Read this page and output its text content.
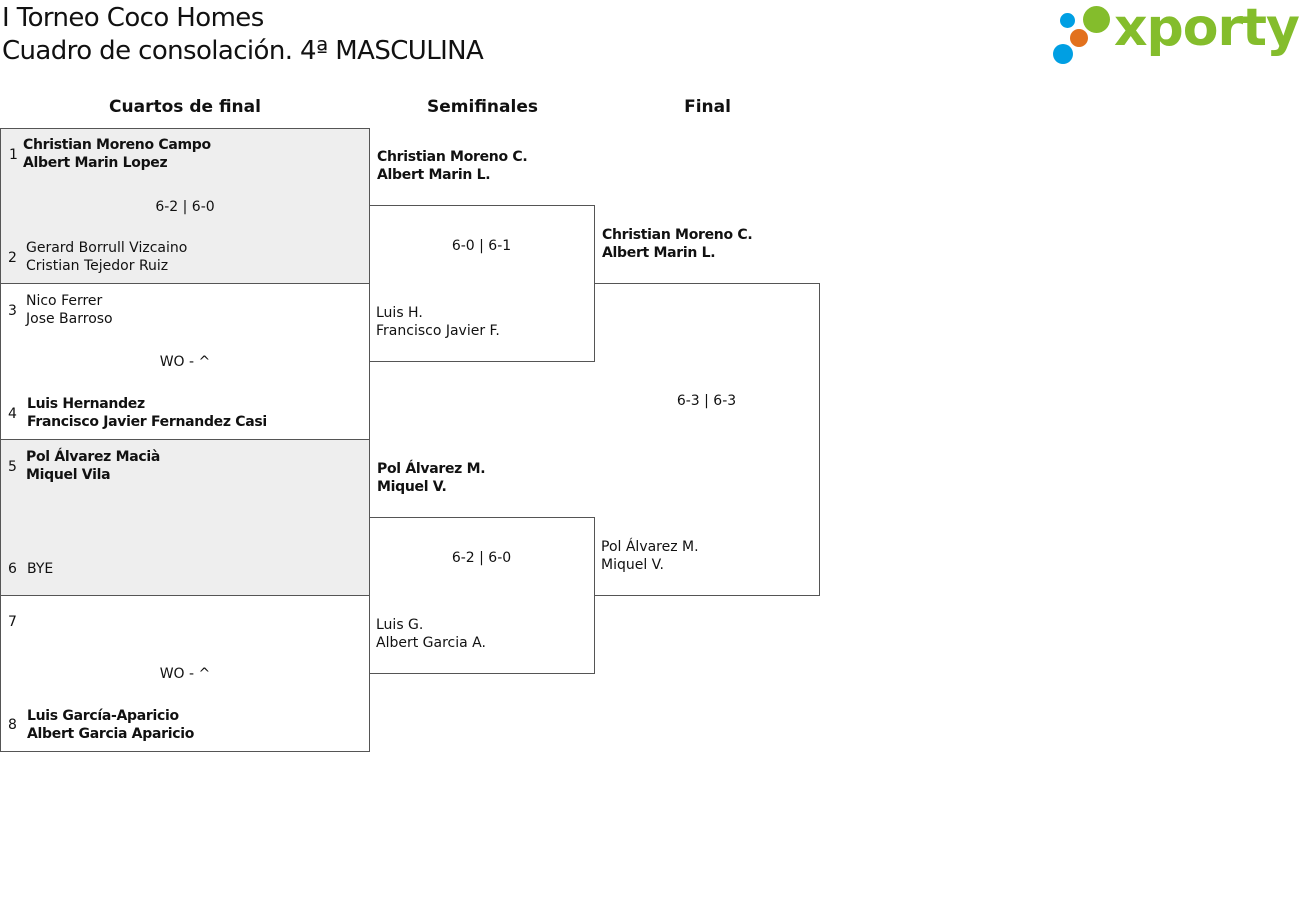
I Torneo Coco Homes
Cuadro de consolación. 4ª MASCULINA	xporty
Cuartos de final	Semifinales	Final
1
Christian Moreno Campo
Albert Marin Lopez
6-2 | 6-0
2
Gerard Borrull Vizcaino
Cristian Tejedor Ruiz
3
Nico Ferrer
Jose Barroso
WO - ^
4
Luis Hernandez
Francisco Javier Fernandez Casi
5
Pol Álvarez Macià
Miquel Vila
6 BYE
7
WO - ^
8
Luis García-Aparicio
Albert Garcia Aparicio
Christian Moreno C.
Albert Marin L.
6-0 | 6-1
Luis H.
Francisco Javier F.
Pol Álvarez M.
Miquel V.
6-2 | 6-0
Luis G.
Albert Garcia A.
Christian Moreno C.
Albert Marin L.
6-3 | 6-3
Pol Álvarez M.
Miquel V.
